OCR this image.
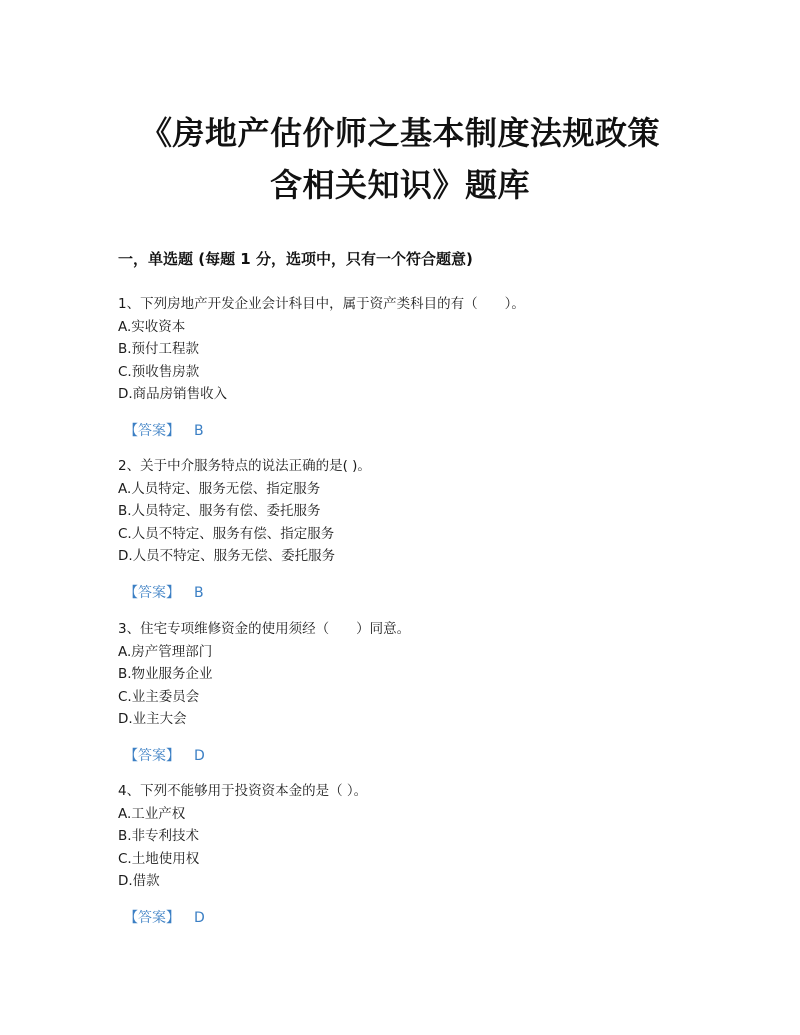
《房地产估价师之基本制度法规政策
含相关知识》题库
一，单选题 (每题 1 分，选项中，只有一个符合题意)
1、下列房地产开发企业会计科目中，属于资产类科目的有（　　）。
A.实收资本
B.预付工程款
C.预收售房款
D.商品房销售收入
【答案】 B
2、关于中介服务特点的说法正确的是( )。
A.人员特定、服务无偿、指定服务
B.人员特定、服务有偿、委托服务
C.人员不特定、服务有偿、指定服务
D.人员不特定、服务无偿、委托服务
【答案】 B
3、住宅专项维修资金的使用须经（　　）同意。
A.房产管理部门
B.物业服务企业
C.业主委员会
D.业主大会
【答案】 D
4、下列不能够用于投资资本金的是（ ）。
A.工业产权
B.非专利技术
C.土地使用权
D.借款
【答案】 D
